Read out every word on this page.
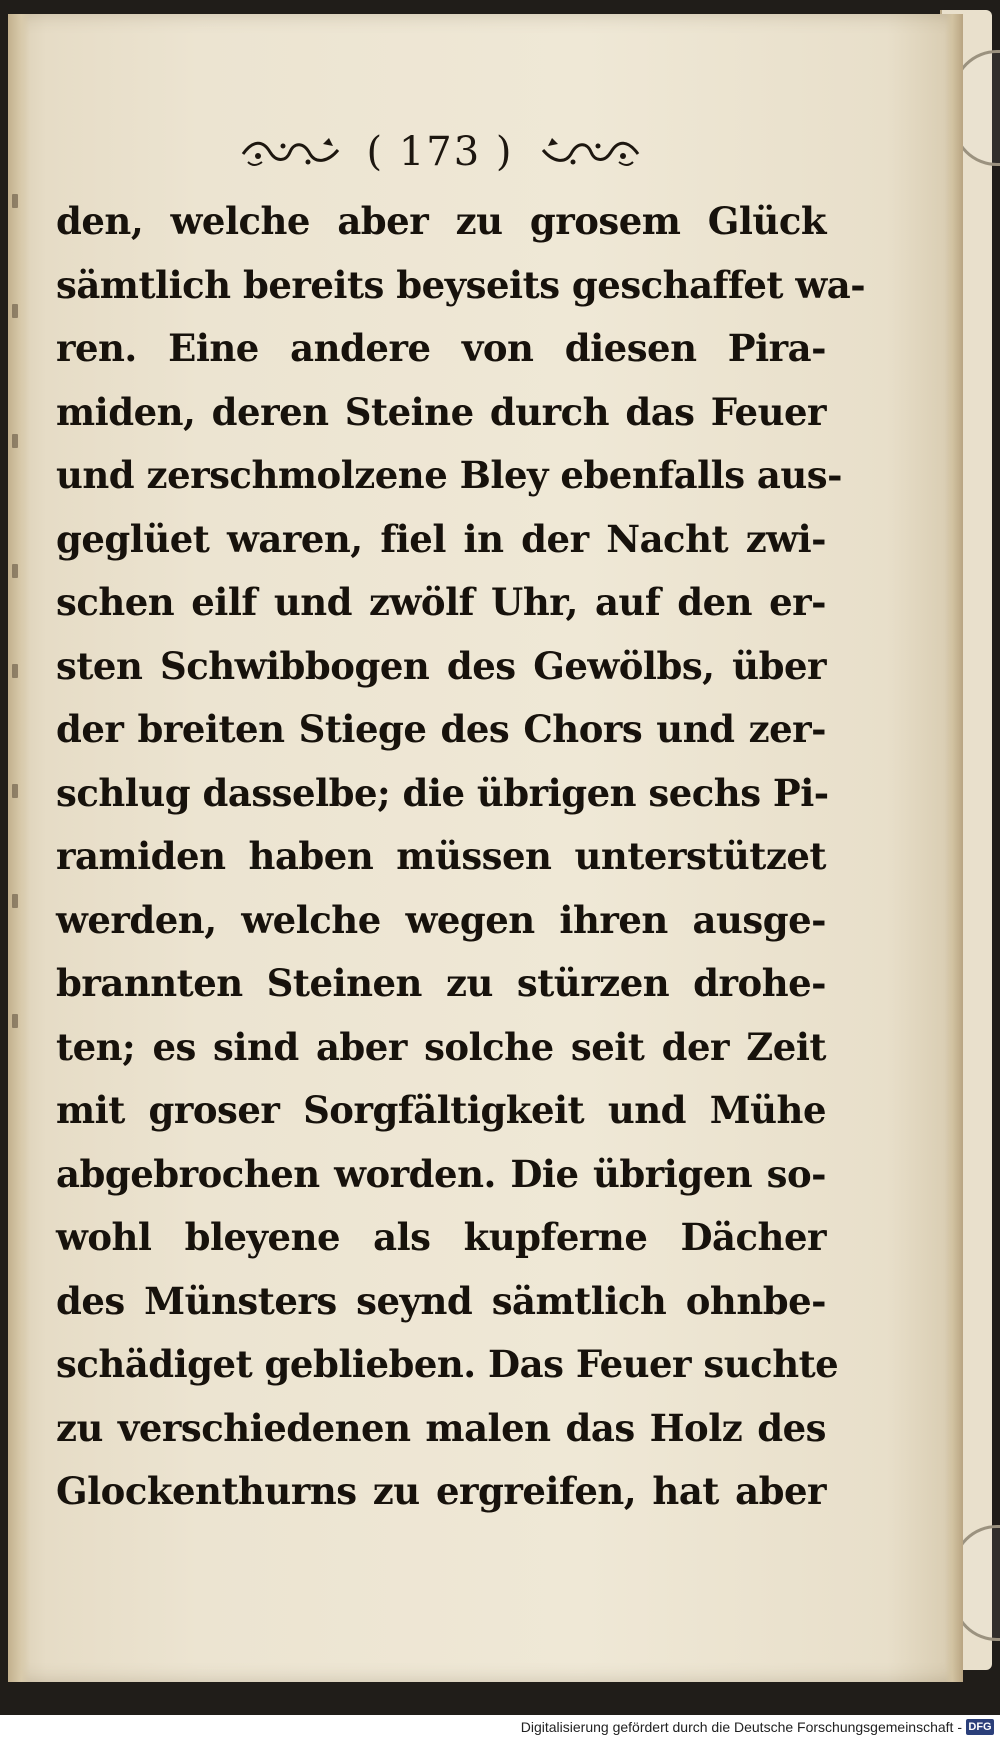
( 173 )
den, welche aber zu grosem Glück
sämtlich bereits beyseits geschaffet wa-
ren. Eine andere von diesen Pira-
miden, deren Steine durch das Feuer
und zerschmolzene Bley ebenfalls aus-
geglüet waren, fiel in der Nacht zwi-
schen eilf und zwölf Uhr, auf den er-
sten Schwibbogen des Gewölbs, über
der breiten Stiege des Chors und zer-
schlug dasselbe; die übrigen sechs Pi-
ramiden haben müssen unterstützet
werden, welche wegen ihren ausge-
brannten Steinen zu stürzen drohe-
ten; es sind aber solche seit der Zeit
mit groser Sorgfältigkeit und Mühe
abgebrochen worden. Die übrigen so-
wohl bleyene als kupferne Dächer
des Münsters seynd sämtlich ohnbe-
schädiget geblieben. Das Feuer suchte
zu verschiedenen malen das Holz des
Glockenthurns zu ergreifen, hat aber
Digitalisierung gefördert durch die Deutsche Forschungsgemeinschaft - DFG
